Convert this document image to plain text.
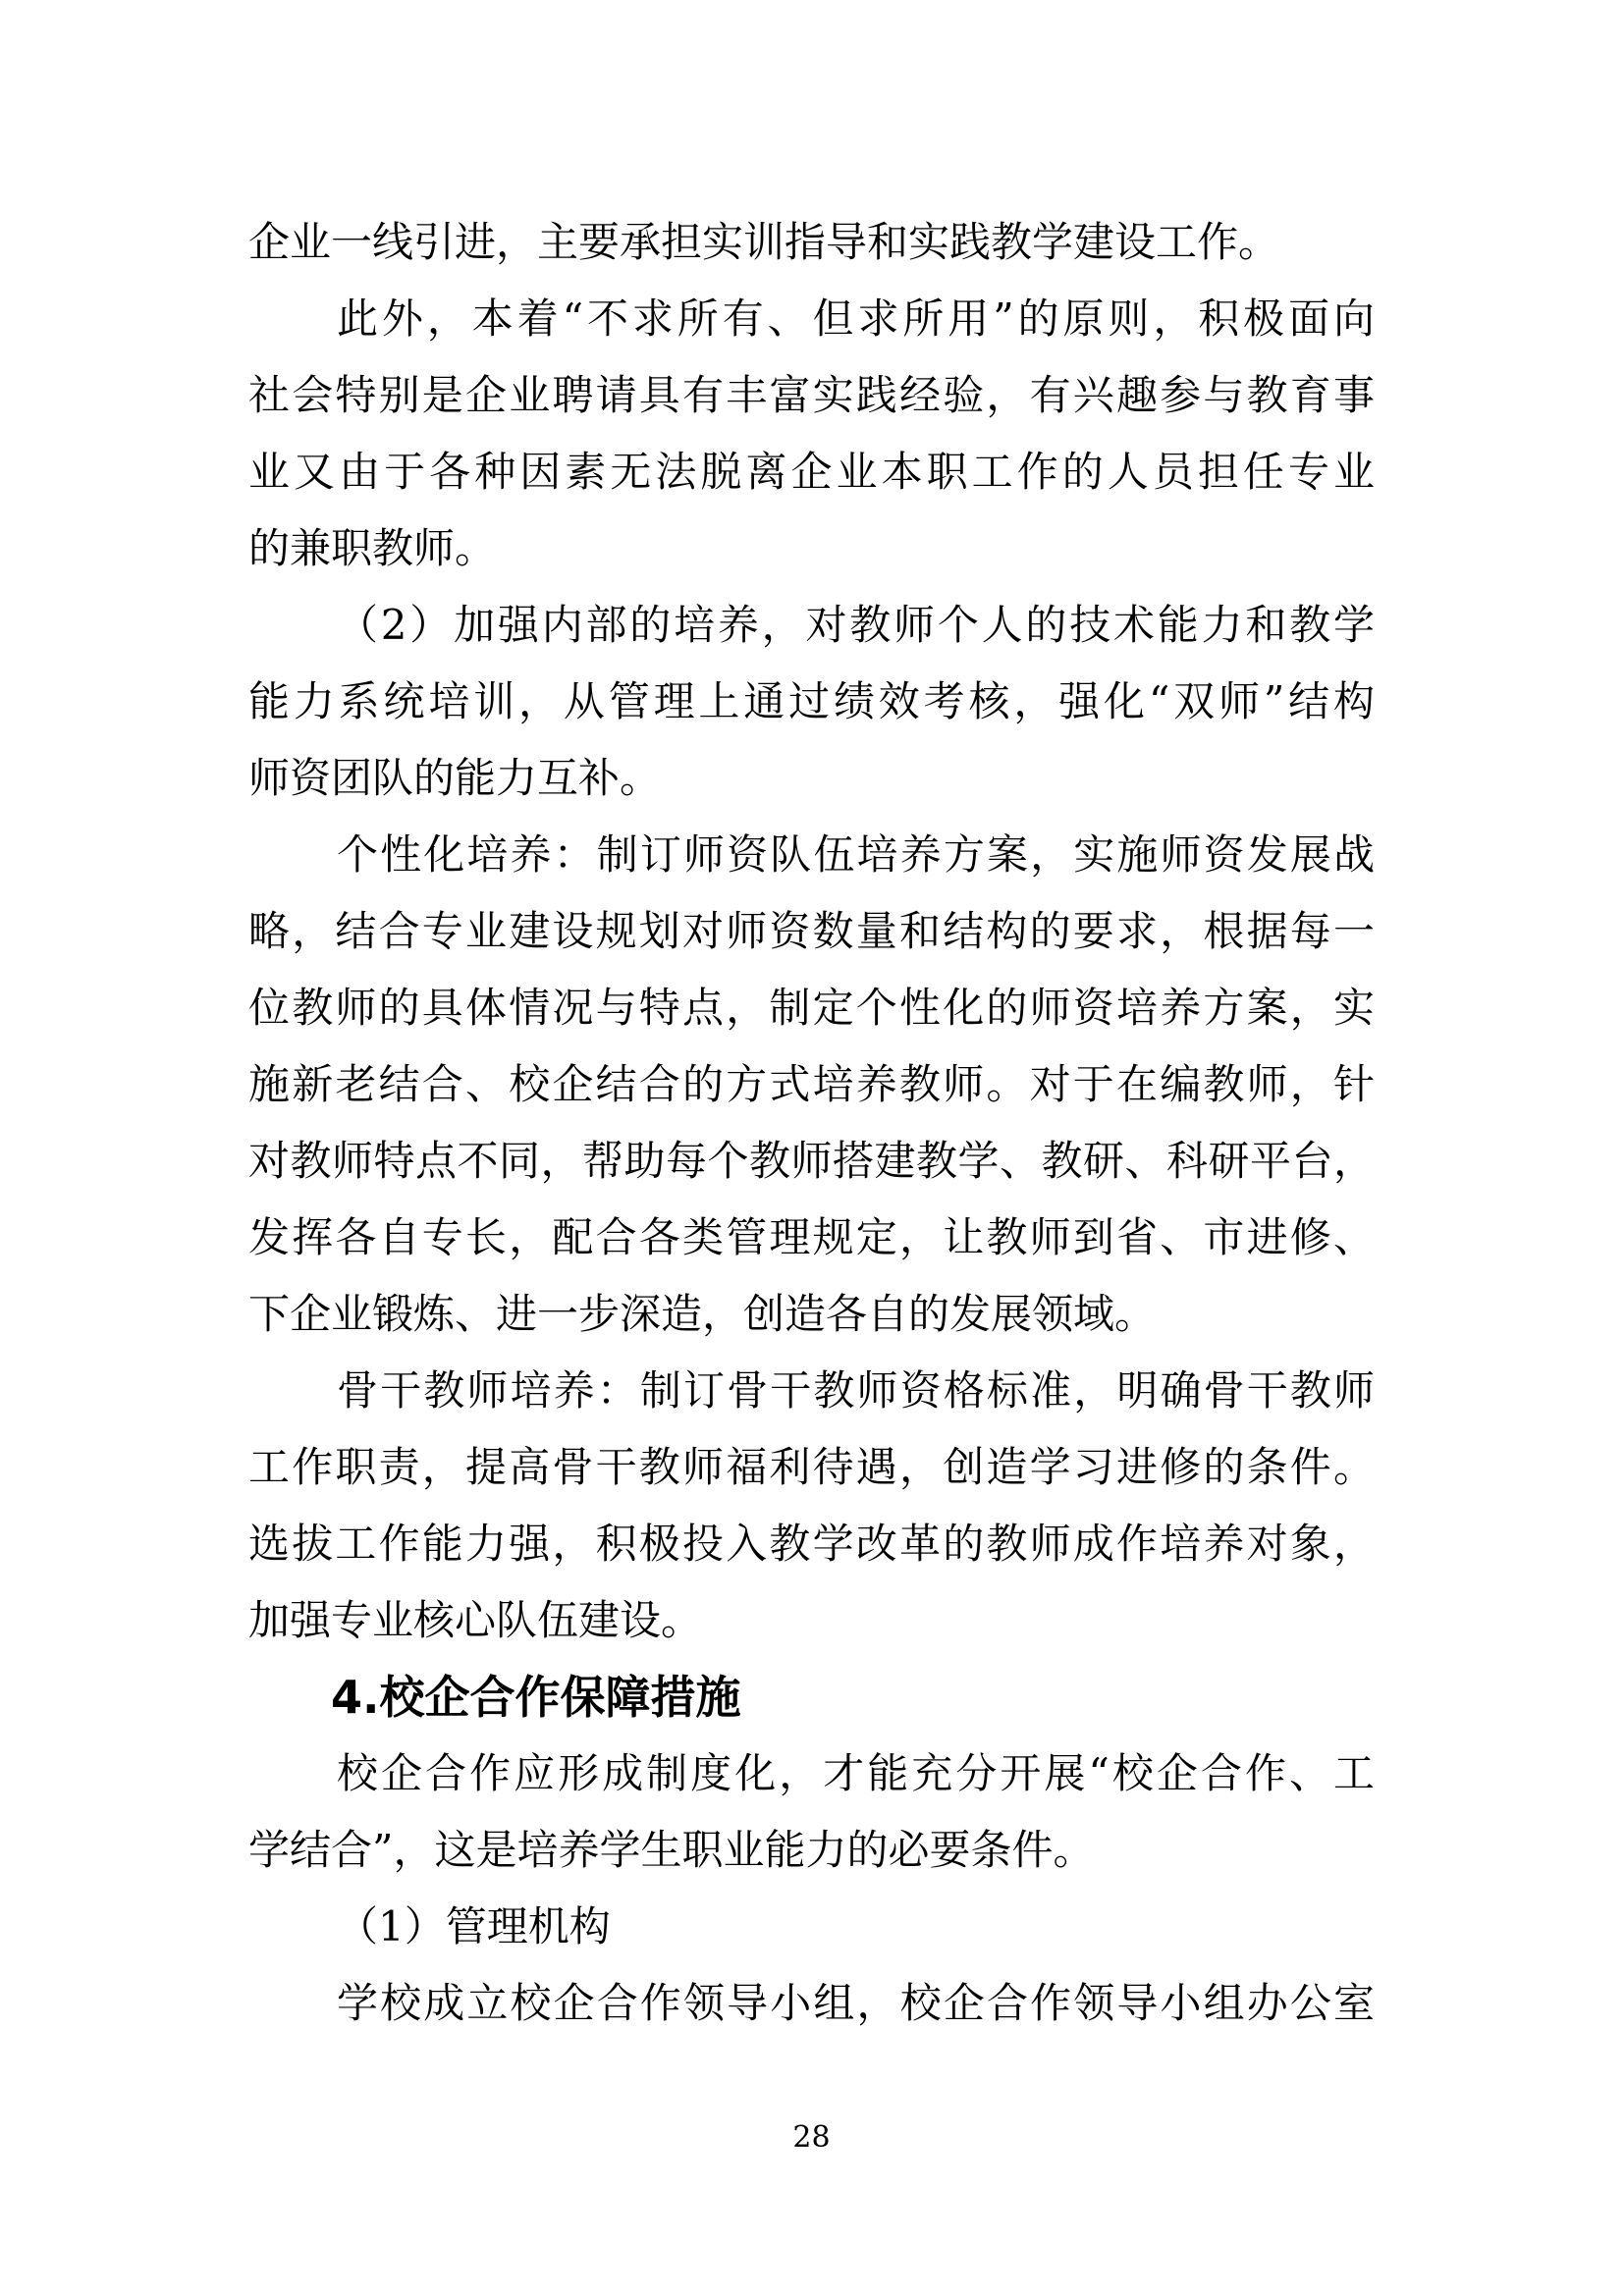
企业一线引进，主要承担实训指导和实践教学建设工作。
此外，本着“不求所有、但求所用”的原则，积极面向
社会特别是企业聘请具有丰富实践经验，有兴趣参与教育事
业又由于各种因素无法脱离企业本职工作的人员担任专业
的兼职教师。
（2）加强内部的培养，对教师个人的技术能力和教学
能力系统培训，从管理上通过绩效考核，强化“双师”结构
师资团队的能力互补。
个性化培养：制订师资队伍培养方案，实施师资发展战
略，结合专业建设规划对师资数量和结构的要求，根据每一
位教师的具体情况与特点，制定个性化的师资培养方案，实
施新老结合、校企结合的方式培养教师。对于在编教师，针
对教师特点不同，帮助每个教师搭建教学、教研、科研平台，
发挥各自专长，配合各类管理规定，让教师到省、市进修、
下企业锻炼、进一步深造，创造各自的发展领域。
骨干教师培养：制订骨干教师资格标准，明确骨干教师
工作职责，提高骨干教师福利待遇，创造学习进修的条件。
选拔工作能力强，积极投入教学改革的教师成作培养对象，
加强专业核心队伍建设。
4.校企合作保障措施
校企合作应形成制度化，才能充分开展“校企合作、工
学结合”，这是培养学生职业能力的必要条件。
（1）管理机构
学校成立校企合作领导小组，校企合作领导小组办公室
28
